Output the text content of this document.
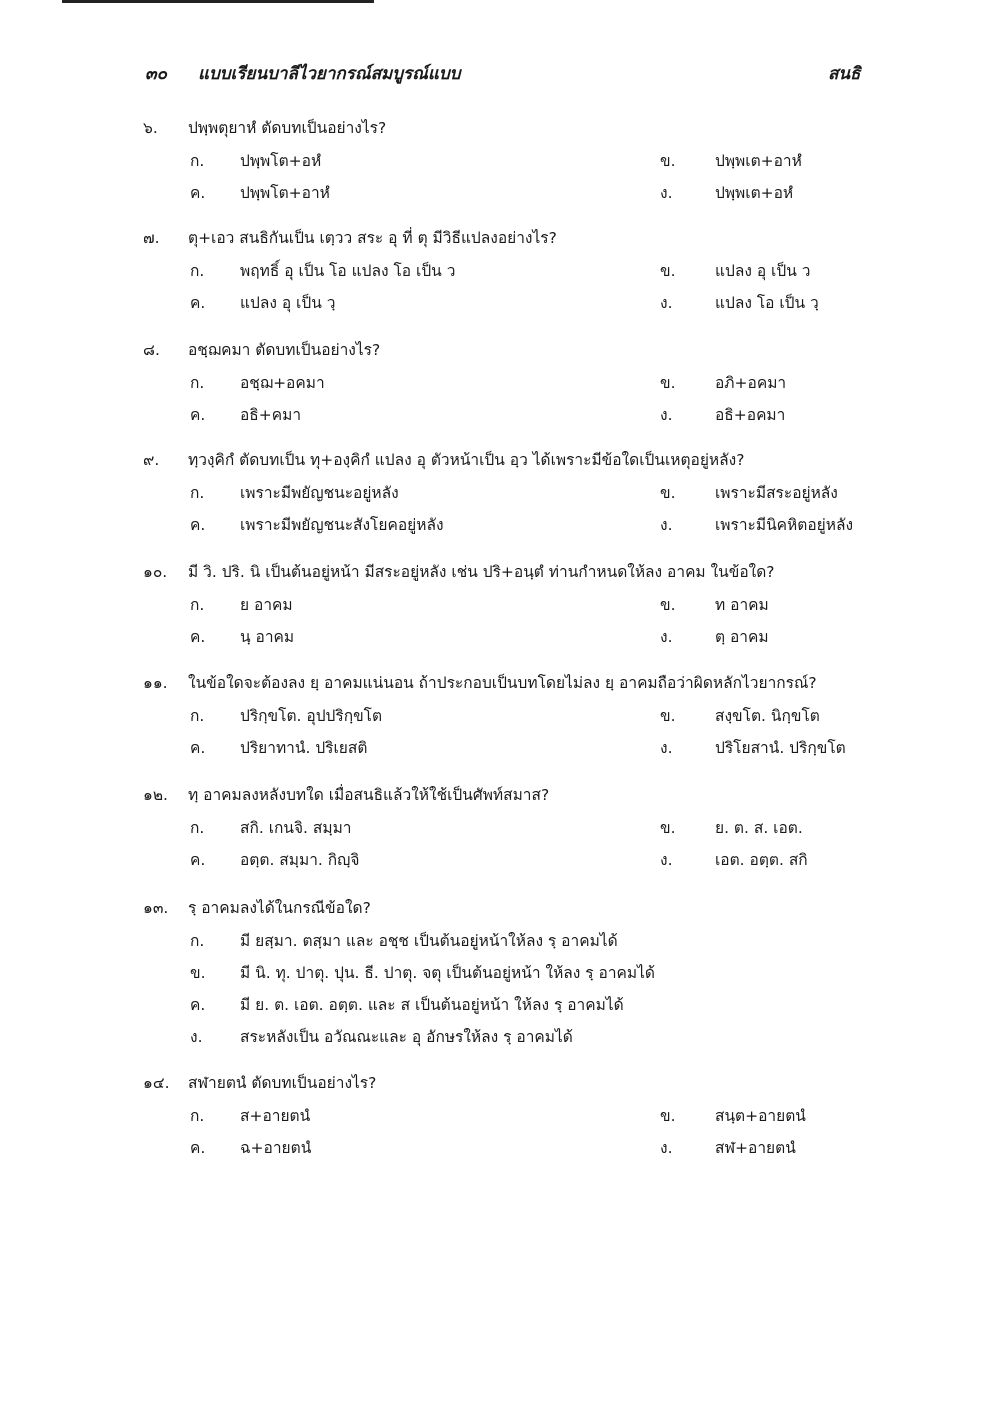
๓๐ แบบเรียนบาลีไวยากรณ์สมบูรณ์แบบ	สนธิ
๖. ปพฺพตุยาหํ ตัดบทเป็นอย่างไร?
ก. ปพฺพโต+อหํ	ข.	ปพฺพเต+อาหํ
ค. ปพฺพโต+อาหํ	ง.	ปพฺพเต+อหํ
๗. ตุ+เอว สนธิกันเป็น เตฺวว สระ อุ ที่ ตุ มีวิธีแปลงอย่างไร?
ก. พฤทธิ์ อุ เป็น โอ แปลง โอ เป็น ว	ข.	แปลง อุ เป็น ว
ค. แปลง อุ เป็น วฺ	ง.	แปลง โอ เป็น วฺ
๘. อชฺฌคมา ตัดบทเป็นอย่างไร?
ก. อชฺฌ+อคมา	ข.	อภิ+อคมา
ค. อธิ+คมา	ง.	อธิ+อคมา
๙. ทฺวงฺคิกํ ตัดบทเป็น ทุ+องฺคิกํ แปลง อุ ตัวหน้าเป็น อฺว ได้เพราะมีข้อใดเป็นเหตุอยู่หลัง?
ก. เพราะมีพยัญชนะอยู่หลัง	ข.	เพราะมีสระอยู่หลัง
ค. เพราะมีพยัญชนะสังโยคอยู่หลัง	ง.	เพราะมีนิคหิตอยู่หลัง
๑๐. มี วิ. ปริ. นิ เป็นต้นอยู่หน้า มีสระอยู่หลัง เช่น ปริ+อนฺตํ ท่านกำหนดให้ลง อาคม ในข้อใด?
ก. ย อาคม	ข.	ท อาคม
ค. นฺ อาคม	ง.	ตฺ อาคม
๑๑. ในข้อใดจะต้องลง ยฺ อาคมแน่นอน ถ้าประกอบเป็นบทโดยไม่ลง ยฺ อาคมถือว่าผิดหลักไวยากรณ์?
ก. ปริกฺขโต. อุปปริกฺขโต	ข.	สงฺขโต. นิกฺขโต
ค. ปริยาทานํ. ปริเยสติ	ง.	ปริโยสานํ. ปริกฺขโต
๑๒. ทฺ อาคมลงหลังบทใด เมื่อสนธิแล้วให้ใช้เป็นศัพท์สมาส?
ก. สกิ. เกนจิ. สมฺมา	ข.	ย. ต. ส. เอต.
ค. อตฺต. สมฺมา. กิญฺจิ	ง.	เอต. อตฺต. สกิ
๑๓. รฺ อาคมลงได้ในกรณีข้อใด?
ก. มี ยสฺมา. ตสฺมา และ อชฺช เป็นต้นอยู่หน้าให้ลง รฺ อาคมได้
ข. มี นิ. ทุ. ปาตุ. ปุน. ธี. ปาตุ. จตุ เป็นต้นอยู่หน้า ให้ลง รฺ อาคมได้
ค. มี ย. ต. เอต. อตฺต. และ ส เป็นต้นอยู่หน้า ให้ลง รฺ อาคมได้
ง. สระหลังเป็น อวัณณะและ อุ อักษรให้ลง รฺ อาคมได้
๑๔. สฬายตนํ ตัดบทเป็นอย่างไร?
ก. ส+อายตนํ	ข.	สนฺต+อายตนํ
ค. ฉ+อายตนํ	ง.	สฬ+อายตนํ
